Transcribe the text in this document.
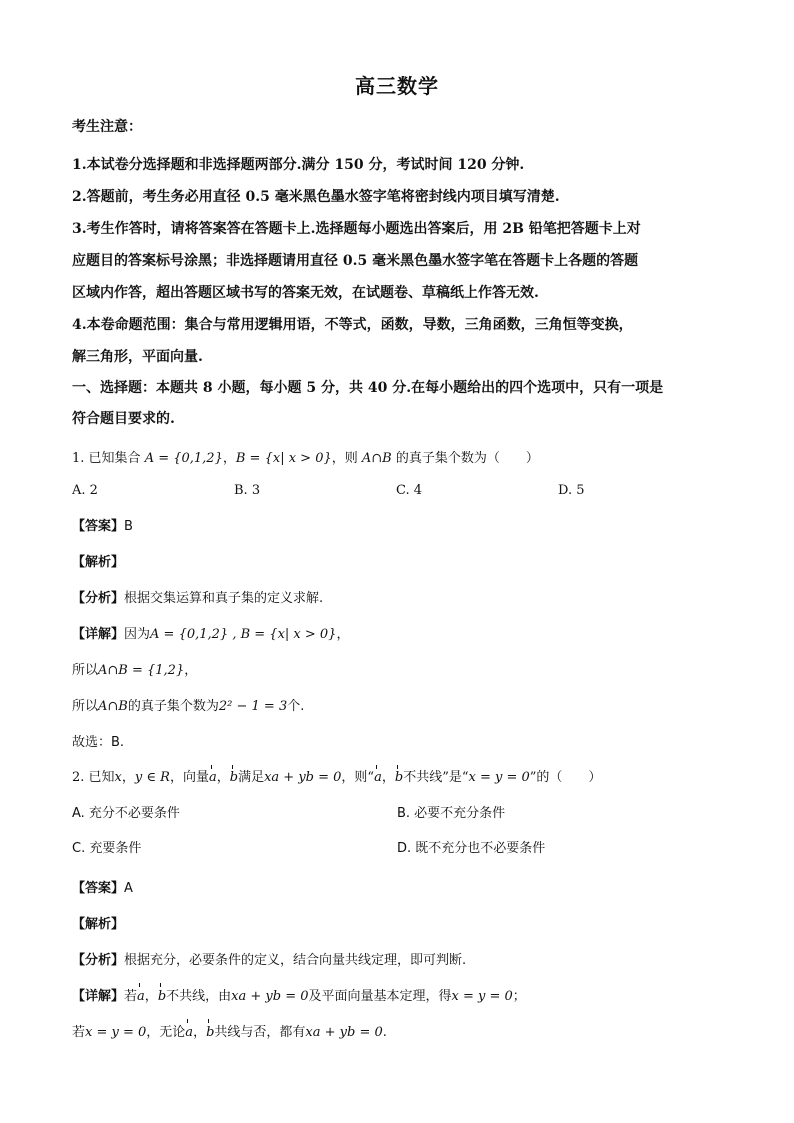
高三数学
考生注意：
1.本试卷分选择题和非选择题两部分.满分 150 分，考试时间 120 分钟.
2.答题前，考生务必用直径 0.5 毫米黑色墨水签字笔将密封线内项目填写清楚.
3.考生作答时，请将答案答在答题卡上.选择题每小题选出答案后，用 2B 铅笔把答题卡上对
应题目的答案标号涂黑；非选择题请用直径 0.5 毫米黑色墨水签字笔在答题卡上各题的答题
区域内作答，超出答题区域书写的答案无效，在试题卷、草稿纸上作答无效.
4.本卷命题范围：集合与常用逻辑用语，不等式，函数，导数，三角函数，三角恒等变换，
解三角形，平面向量.
一、选择题：本题共 8 小题，每小题 5 分，共 40 分.在每小题给出的四个选项中，只有一项是
符合题目要求的.
1. 已知集合 A = {0,1,2}，B = {x| x > 0}，则 A∩B 的真子集个数为（　　）
A. 2	B. 3	C. 4	D. 5
【答案】B
【解析】
【分析】根据交集运算和真子集的定义求解.
【详解】因为A = {0,1,2} , B = {x| x > 0}，
所以A∩B = {1,2}，
所以A∩B的真子集个数为2² − 1 = 3个.
故选：B.
2. 已知x，y ∈ R，向量a，b满足xa + yb = 0，则“a，b不共线”是“x = y = 0”的（　　）
A. 充分不必要条件	B. 必要不充分条件
C. 充要条件	D. 既不充分也不必要条件
【答案】A
【解析】
【分析】根据充分，必要条件的定义，结合向量共线定理，即可判断.
【详解】若a，b不共线，由xa + yb = 0及平面向量基本定理，得x = y = 0；
若x = y = 0，无论a，b共线与否，都有xa + yb = 0.
